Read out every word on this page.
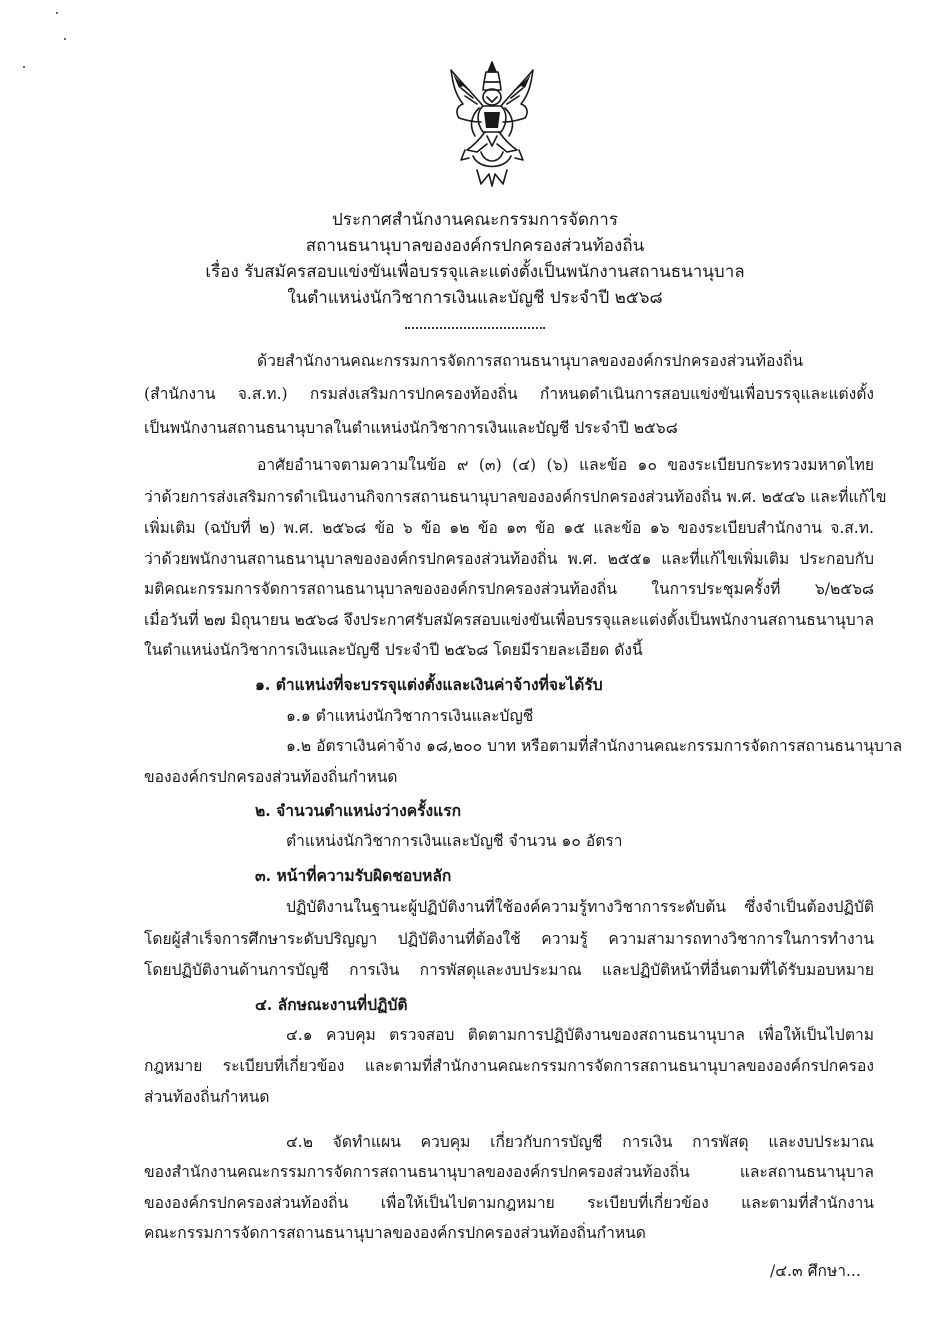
ประกาศสำนักงานคณะกรรมการจัดการ
สถานธนานุบาลขององค์กรปกครองส่วนท้องถิ่น
เรื่อง รับสมัครสอบแข่งขันเพื่อบรรจุและแต่งตั้งเป็นพนักงานสถานธนานุบาล
ในตำแหน่งนักวิชาการเงินและบัญชี ประจำปี ๒๕๖๘
ด้วยสำนักงานคณะกรรมการจัดการสถานธนานุบาลขององค์กรปกครองส่วนท้องถิ่น
(สำนักงาน จ.ส.ท.) กรมส่งเสริมการปกครองท้องถิ่น กำหนดดำเนินการสอบแข่งขันเพื่อบรรจุและแต่งตั้ง
เป็นพนักงานสถานธนานุบาลในตำแหน่งนักวิชาการเงินและบัญชี ประจำปี ๒๕๖๘
อาศัยอำนาจตามความในข้อ ๙ (๓) (๔) (๖) และข้อ ๑๐ ของระเบียบกระทรวงมหาดไทย
ว่าด้วยการส่งเสริมการดำเนินงานกิจการสถานธนานุบาลขององค์กรปกครองส่วนท้องถิ่น พ.ศ. ๒๕๔๖ และที่แก้ไข
เพิ่มเติม (ฉบับที่ ๒) พ.ศ. ๒๕๖๘ ข้อ ๖ ข้อ ๑๒ ข้อ ๑๓ ข้อ ๑๕ และข้อ ๑๖ ของระเบียบสำนักงาน จ.ส.ท.
ว่าด้วยพนักงานสถานธนานุบาลขององค์กรปกครองส่วนท้องถิ่น พ.ศ. ๒๕๕๑ และที่แก้ไขเพิ่มเติม ประกอบกับ
มติคณะกรรมการจัดการสถานธนานุบาลขององค์กรปกครองส่วนท้องถิ่น ในการประชุมครั้งที่ ๖/๒๕๖๘
เมื่อวันที่ ๒๗ มิถุนายน ๒๕๖๘ จึงประกาศรับสมัครสอบแข่งขันเพื่อบรรจุและแต่งตั้งเป็นพนักงานสถานธนานุบาล
ในตำแหน่งนักวิชาการเงินและบัญชี ประจำปี ๒๕๖๘ โดยมีรายละเอียด ดังนี้
๑. ตำแหน่งที่จะบรรจุแต่งตั้งและเงินค่าจ้างที่จะได้รับ
๑.๑ ตำแหน่งนักวิชาการเงินและบัญชี
๑.๒ อัตราเงินค่าจ้าง ๑๘,๒๐๐ บาท หรือตามที่สำนักงานคณะกรรมการจัดการสถานธนานุบาล
ขององค์กรปกครองส่วนท้องถิ่นกำหนด
๒. จำนวนตำแหน่งว่างครั้งแรก
ตำแหน่งนักวิชาการเงินและบัญชี จำนวน ๑๐ อัตรา
๓. หน้าที่ความรับผิดชอบหลัก
ปฏิบัติงานในฐานะผู้ปฏิบัติงานที่ใช้องค์ความรู้ทางวิชาการระดับต้น ซึ่งจำเป็นต้องปฏิบัติ
โดยผู้สำเร็จการศึกษาระดับปริญญา ปฏิบัติงานที่ต้องใช้ ความรู้ ความสามารถทางวิชาการในการทำงาน
โดยปฏิบัติงานด้านการบัญชี การเงิน การพัสดุและงบประมาณ และปฏิบัติหน้าที่อื่นตามที่ได้รับมอบหมาย
๔. ลักษณะงานที่ปฏิบัติ
๔.๑ ควบคุม ตรวจสอบ ติดตามการปฏิบัติงานของสถานธนานุบาล เพื่อให้เป็นไปตาม
กฎหมาย ระเบียบที่เกี่ยวข้อง และตามที่สำนักงานคณะกรรมการจัดการสถานธนานุบาลขององค์กรปกครอง
ส่วนท้องถิ่นกำหนด
๔.๒ จัดทำแผน ควบคุม เกี่ยวกับการบัญชี การเงิน การพัสดุ และงบประมาณ
ของสำนักงานคณะกรรมการจัดการสถานธนานุบาลขององค์กรปกครองส่วนท้องถิ่น และสถานธนานุบาล
ขององค์กรปกครองส่วนท้องถิ่น เพื่อให้เป็นไปตามกฎหมาย ระเบียบที่เกี่ยวข้อง และตามที่สำนักงาน
คณะกรรมการจัดการสถานธนานุบาลขององค์กรปกครองส่วนท้องถิ่นกำหนด
/๔.๓ ศึกษา...
